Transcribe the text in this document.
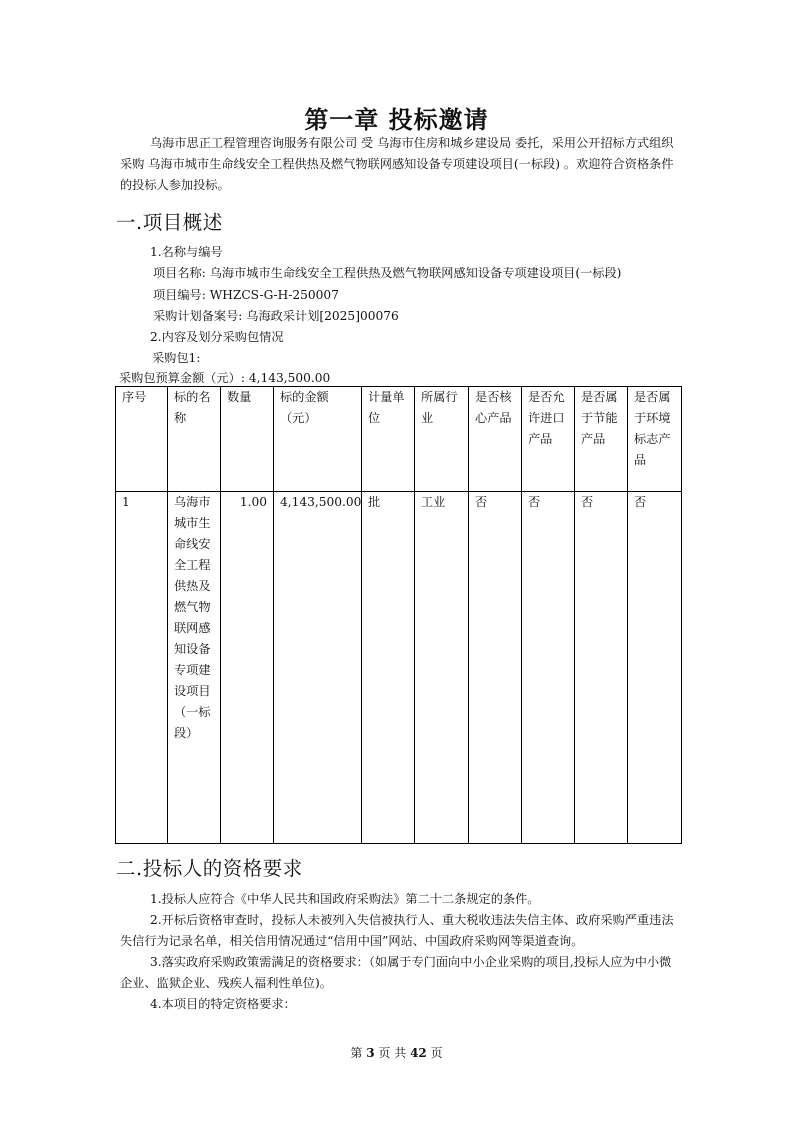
第一章 投标邀请
乌海市思正工程管理咨询服务有限公司 受 乌海市住房和城乡建设局 委托，采用公开招标方式组织采购 乌海市城市生命线安全工程供热及燃气物联网感知设备专项建设项目(一标段) 。欢迎符合资格条件的投标人参加投标。
一.项目概述
1.名称与编号
项目名称: 乌海市城市生命线安全工程供热及燃气物联网感知设备专项建设项目(一标段)
项目编号: WHZCS-G-H-250007
采购计划备案号: 乌海政采计划[2025]00076
2.内容及划分采购包情况
采购包1:
采购包预算金额（元）: 4,143,500.00
序号	标的名称	数量	标的金额（元）	计量单位	所属行业	是否核心产品	是否允许进口产品	是否属于节能产品	是否属于环境标志产品
1	乌海市城市生命线安全工程供热及燃气物联网感知设备专项建设项目（一标段）	1.00	4,143,500.00	批	工业	否	否	否	否
二.投标人的资格要求
1.投标人应符合《中华人民共和国政府采购法》第二十二条规定的条件。
2.开标后资格审查时，投标人未被列入失信被执行人、重大税收违法失信主体、政府采购严重违法失信行为记录名单，相关信用情况通过“信用中国”网站、中国政府采购网等渠道查询。
3.落实政府采购政策需满足的资格要求：（如属于专门面向中小企业采购的项目,投标人应为中小微企业、监狱企业、残疾人福利性单位)。
4.本项目的特定资格要求：
第 3 页 共 42 页
